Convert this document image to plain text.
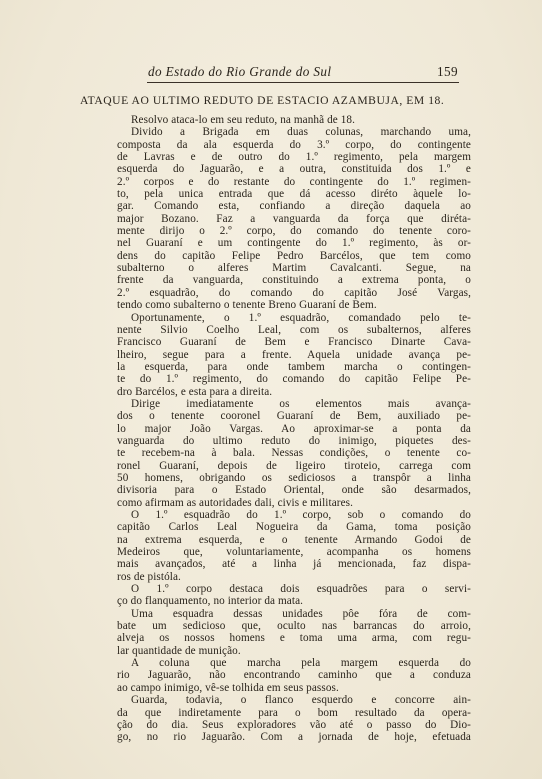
do Estado do Rio Grande do Sul	159
ATAQUE AO ULTIMO REDUTO DE ESTACIO AZAMBUJA, EM 18.
Resolvo ataca-lo em seu reduto, na manhã de 18.
Divido a Brigada em duas colunas, marchando uma,
composta da ala esquerda do 3.º corpo, do contingente
de Lavras e de outro do 1.º regimento, pela margem
esquerda do Jaguarão, e a outra, constituida dos 1.º e
2.º corpos e do restante do contingente do 1.º regimen-
to, pela unica entrada que dá acesso diréto àquele lo-
gar. Comando esta, confiando a direção daquela ao
major Bozano. Faz a vanguarda da força que diréta-
mente dirijo o 2.º corpo, do comando do tenente coro-
nel Guaraní e um contingente do 1.º regimento, às or-
dens do capitão Felipe Pedro Barcélos, que tem como
subalterno o alferes Martim Cavalcanti. Segue, na
frente da vanguarda, constituindo a extrema ponta, o
2.º esquadrão, do comando do capitão José Vargas,
tendo como subalterno o tenente Breno Guaraní de Bem.
Oportunamente, o 1.º esquadrão, comandado pelo te-
nente Silvio Coelho Leal, com os subalternos, alferes
Francisco Guaraní de Bem e Francisco Dinarte Cava-
lheiro, segue para a frente. Aquela unidade avança pe-
la esquerda, para onde tambem marcha o contingen-
te do 1.º regimento, do comando do capitão Felipe Pe-
dro Barcélos, e esta para a direita.
Dirige imediatamente os elementos mais avança-
dos o tenente cooronel Guaraní de Bem, auxiliado pe-
lo major João Vargas. Ao aproximar-se a ponta da
vanguarda do ultimo reduto do inimigo, piquetes des-
te recebem-na à bala. Nessas condições, o tenente co-
ronel Guaraní, depois de ligeiro tiroteio, carrega com
50 homens, obrigando os sediciosos a transpôr a linha
divisoria para o Estado Oriental, onde são desarmados,
como afirmam as autoridades dali, civis e militares.
O 1.º esquadrão do 1.º corpo, sob o comando do
capitão Carlos Leal Nogueira da Gama, toma posição
na extrema esquerda, e o tenente Armando Godoi de
Medeiros que, voluntariamente, acompanha os homens
mais avançados, até a linha já mencionada, faz dispa-
ros de pistóla.
O 1.º corpo destaca dois esquadrões para o servi-
ço do flanquamento, no interior da mata.
Uma esquadra dessas unidades pôe fóra de com-
bate um sedicioso que, oculto nas barrancas do arroio,
alveja os nossos homens e toma uma arma, com regu-
lar quantidade de munição.
A coluna que marcha pela margem esquerda do
rio Jaguarão, não encontrando caminho que a conduza
ao campo inimigo, vê-se tolhida em seus passos.
Guarda, todavia, o flanco esquerdo e concorre ain-
da que indiretamente para o bom resultado da opera-
ção do dia. Seus exploradores vão até o passo do Dio-
go, no rio Jaguarão. Com a jornada de hoje, efetuada
